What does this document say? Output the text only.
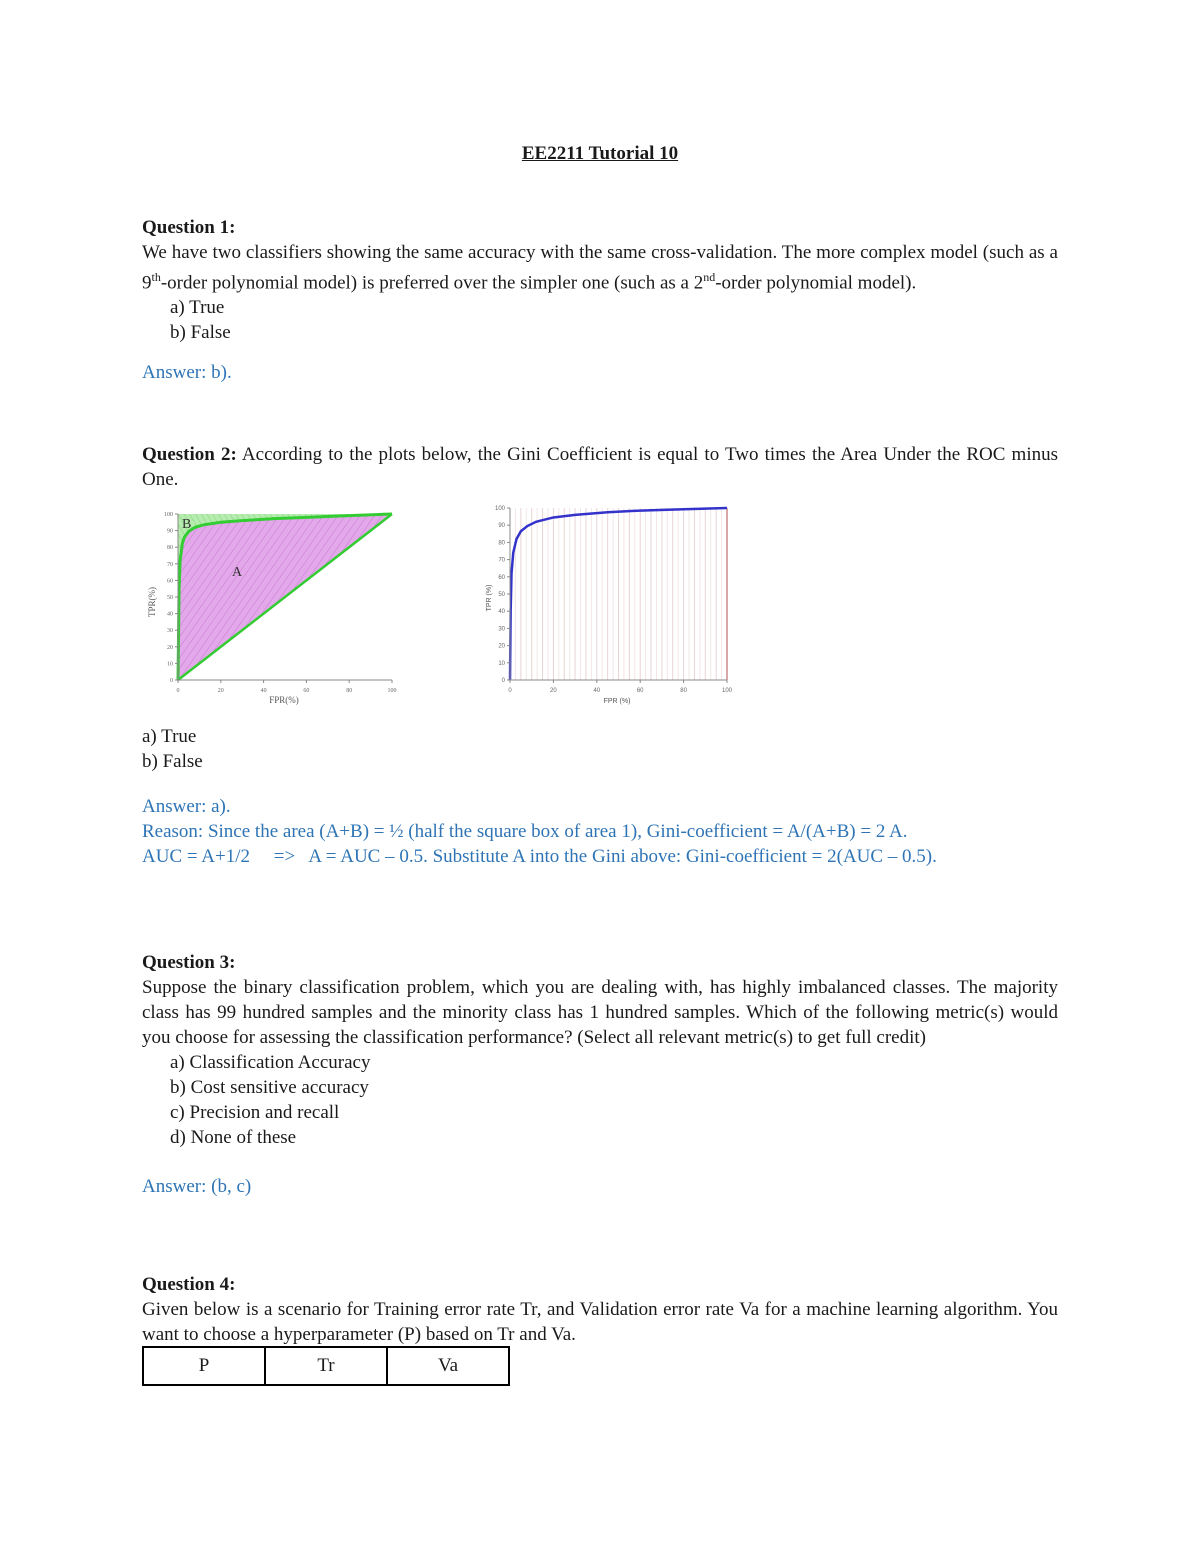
EE2211 Tutorial 10
Question 1:
We have two classifiers showing the same accuracy with the same cross-validation. The more complex model (such as a 9th-order polynomial model) is preferred over the simpler one (such as a 2nd-order polynomial model).
a) True
b) False
Answer: b).
Question 2: According to the plots below, the Gini Coefficient is equal to Two times the Area Under the ROC minus One.
0	20	40	60	80	100
0
10
20
30
40
50
60
70
80
90
100
B
A
FPR(%)
TPR(%)
0	20	40	60	80	100
0
10
20
30
40
50
60
70
80
90
100
FPR (%)
TPR (%)
a) True
b) False
Answer: a).
Reason: Since the area (A+B) = ½ (half the square box of area 1), Gini-coefficient = A/(A+B) = 2 A.
AUC = A+1/2     =>   A = AUC – 0.5. Substitute A into the Gini above: Gini-coefficient = 2(AUC – 0.5).
Question 3:
Suppose the binary classification problem, which you are dealing with, has highly imbalanced classes. The majority class has 99 hundred samples and the minority class has 1 hundred samples. Which of the following metric(s) would you choose for assessing the classification performance? (Select all relevant metric(s) to get full credit)
a) Classification Accuracy
b) Cost sensitive accuracy
c) Precision and recall
d) None of these
Answer: (b, c)
Question 4:
Given below is a scenario for Training error rate Tr, and Validation error rate Va for a machine learning algorithm. You want to choose a hyperparameter (P) based on Tr and Va.
P	Tr	Va
